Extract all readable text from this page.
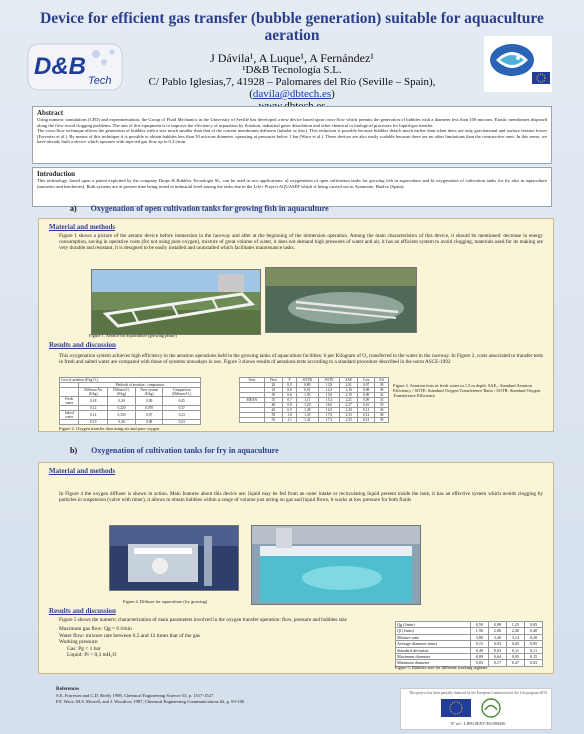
D&B
Tech
Device for efficient gas transfer (bubble generation) suitable for aquaculture aeration
J Dávila¹, A Luque¹, A Fernández¹
¹D&B Tecnología S.L.
C/ Pablo Iglesias,7, 41928 – Palomares del Río (Seville – Spain), (davila@dbtech.es)
Abstract
Using numeric simulations (CFD) and experimentation, the Group of Fluid Mechanics in the University of Seville has developed a new device based upon cross-flow which permits the generation of bubbles with a diameter less than 100 microns. Elastic membranes disposed along the flow avoid clogging problems. The aim of this equipment is to improve the efficiency of separation by flotation, industrial gases dissolution and other chemical or biological processes for liquid-gas transfer.
The cross-flow technique allows the generation of bubbles with a size much smaller than that of the current membranes diffusers (tubular or disc). This reduction is possible because bubbles detach much earlier than when there are only gravitational and surface tension forces (Forrester et al.). By means of this technique it is possible to obtain bubbles less than 50 microns diameter, operating at pressures below 1 bar (Wace et al.). These devices are also easily scalable because there are no other limitations than the constructive ones. In this sense, we have already built a device which operates with injected gas flow up to 0,3 l/min.
Introduction
This technology, based upon a patent exploited by the company Drops & Bubbles Tecnología SL, can be used in two applications: a) oxygenation of open cultivation tanks for growing fish in aquaculture and b) oxygenation of cultivation tanks for fry also in aquaculture (nurseries and hatcheries). Both systems are at present time being tested at industrial level among the tasks due in the Life+ Project AQUASEF which is being carried out in Ayamonte, Huelva (Spain).
a) Oxygenation of open cultivation tanks for growing fish in aquaculture
Material and methods
Figure 1 shows a picture of the aerator device before immersion in the raceway and after at the beginning of the immersion operation. Among the main characteristics of this device, it should be mentioned: decrease in energy consumption, saving in operative costs (for not using pure oxygen), mixture of great volume of water, it does not demand high pressures of water and air, it has an efficient system to avoid clogging, materials used for its making are very durable and resistant, it is designed to be easily installed and uninstalled which facilitates maintenance tasks.
Figure 1. Aerator for aquaculture (growing phase)
Results and discussion
This oxygenation system achieves high efficiency in the aeration operations held in the growing tanks of aquaculture facilities: 6 per Kilogram of O₂ transferred to the water in the raceway. In Figure 2, costs associated to transfer tests in fresh and salted water are compared with those of systems nowadays in use. Figure 3 shows results of aerations tests according to a standard procedure described in the norm ASCE-1992
Cost of aeration (€/kg O₂)				
	Methods of aeration / comparison			
	Diffuser/Air (€/kg)	Diffuser/O₂ (€/kg)	New system (€/kg)	Comparison (Diffuser/O₂)
Fresh water	0,18	0,20	0,09	0,45
	0,12	0,220	0,070	0,37
Salted water	0,14	0,350	0,07	0,23
	0,19	0,40	0,08	0,23
Figure 2. Oxygen transfer data using air and pure oxygen
Tests	Flow	P	SOTR	SOTE	SAE	Cost	Eff
	20	0,5	0,80	13,8	2,01	0,07	28
	25	0,6	0,91	14,3	2,10	0,08	30
	30	0,6	1,05	15,0	2,19	0,09	32
MEAN	35	0,7	1,11	15,4	2,21	0,09	33
	40	0,8	1,20	16,0	2,27	0,10	35
	45	0,9	1,28	16,5	2,30	0,11	36
	50	1,0	1,35	17,0	2,33	0,12	38
	55	1,1	1,41	17,3	2,35	0,13	39
Figure 3. Aeration tests in fresh water in 1.5 m depth. SAE₂: Standard Aeration Efficiency / SOTE: Standard Oxygen Transference Ratio / SOTR: Standard Oxygen Transference Efficiency
b) Oxygenation of cultivation tanks for fry in aquaculture
Material and methods
In Figure 4 the oxygen diffuser is shown in action. Main features about this device are: liquid may be fed from an outer intake or recirculating liquid present inside the tank, it has an effective system which avoids clogging by particles in suspension (valve with timer), it allows to obtain bubbles within a range of volume just acting on gas and liquid flows, it works at low pressure for both fluids
Figure 4. Diffuser for aquaculture (fry growing)
Results and discussion
Figure 5 shows the numeric characterization of main parameters involved in the oxygen transfer operation: flow, pressure and bubbles size
Maximum gas flow: Qg = 6 l/min
Water flow: mixture rate between 0,5 and 12 times that of the gas
Working pressure:
Gas: Pg < 1 bar
Liquid: Pl < 0,3 mH₂O
Qg (l/min)	0,50	0,98	1,25	0,05
Ql (l/min)	1,90	2,06	2,40	0,40
Mixture ratio	3,80	3,40	3,14	0,20
Average diameter (mm)	0,15	0,93	0,05	0,95
Standard deviation	0,49	0,02	0,11	0,11
Maximum diameter	0,89	0,64	0,95	0,15
Minimum diameter	0,03	0,17	0,47	0,03
Figure 5. Bubbles size for different working regimes
References
S.E. Forrester and C.D. Rielly 1998, Chemical Engineering Science 53, p. 1517-1527.
P.F. Wace, M.S. Morrell, and J. Woodrow 1987, Chemical Engineering Communications 62, p. 93-106
This project has been partially financed by the European Commission of the Life program 2010
Nº ref.: LIFE10ENV/ES/000456
